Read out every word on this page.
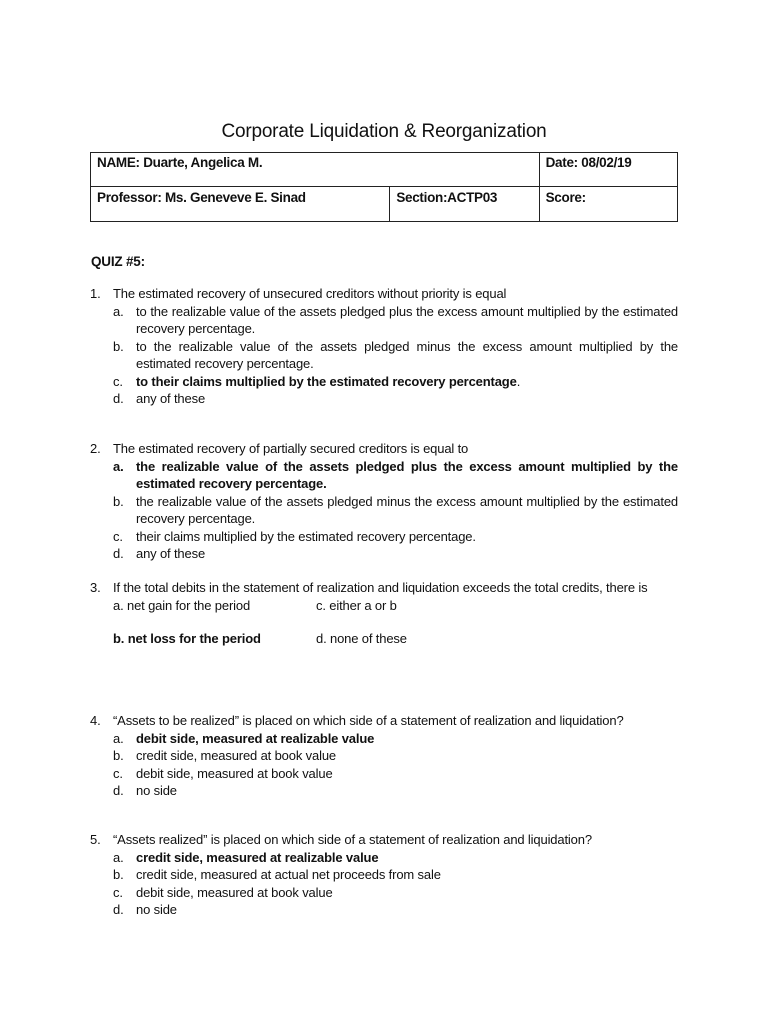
Corporate Liquidation & Reorganization
NAME: Duarte, Angelica M.		Date: 08/02/19
Professor: Ms. Geneveve E. Sinad	Section:ACTP03	Score:
QUIZ #5:
1. The estimated recovery of unsecured creditors without priority is equal
a. to the realizable value of the assets pledged plus the excess amount multiplied by the estimated recovery percentage.
b. to the realizable value of the assets pledged minus the excess amount multiplied by the estimated recovery percentage.
c. to their claims multiplied by the estimated recovery percentage.
d. any of these
2. The estimated recovery of partially secured creditors is equal to
a. the realizable value of the assets pledged plus the excess amount multiplied by the estimated recovery percentage.
b. the realizable value of the assets pledged minus the excess amount multiplied by the estimated recovery percentage.
c. their claims multiplied by the estimated recovery percentage.
d. any of these
3. If the total debits in the statement of realization and liquidation exceeds the total credits, there is
a. net gain for the period	c. either a or b
b. net loss for the period	d. none of these
4. “Assets to be realized” is placed on which side of a statement of realization and liquidation?
a. debit side, measured at realizable value
b. credit side, measured at book value
c. debit side, measured at book value
d. no side
5. “Assets realized” is placed on which side of a statement of realization and liquidation?
a. credit side, measured at realizable value
b. credit side, measured at actual net proceeds from sale
c. debit side, measured at book value
d. no side
